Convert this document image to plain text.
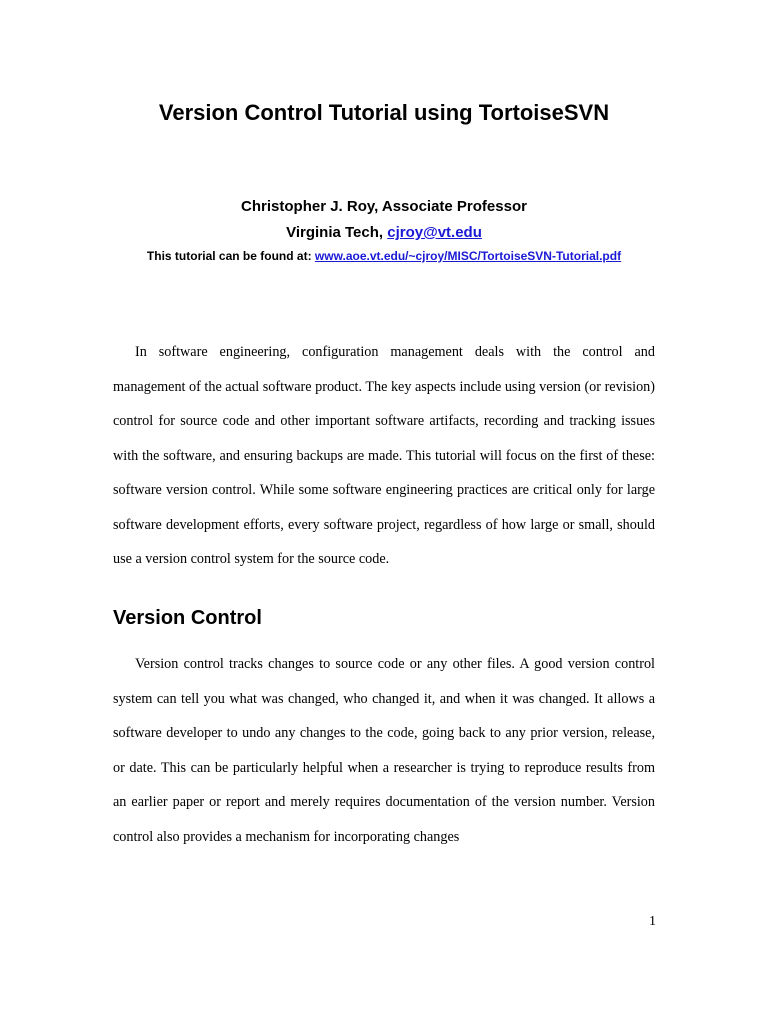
Version Control Tutorial using TortoiseSVN

Christopher J. Roy, Associate Professor

Virginia Tech, cjroy@vt.edu

This tutorial can be found at: www.aoe.vt.edu/~cjroy/MISC/TortoiseSVN-Tutorial.pdf

In software engineering, configuration management deals with the control and management of the actual software product. The key aspects include using version (or revision) control for source code and other important software artifacts, recording and tracking issues with the software, and ensuring backups are made. This tutorial will focus on the first of these: software version control. While some software engineering practices are critical only for large software development efforts, every software project, regardless of how large or small, should use a version control system for the source code.

Version Control

Version control tracks changes to source code or any other files. A good version control system can tell you what was changed, who changed it, and when it was changed. It allows a software developer to undo any changes to the code, going back to any prior version, release, or date. This can be particularly helpful when a researcher is trying to reproduce results from an earlier paper or report and merely requires documentation of the version number. Version control also provides a mechanism for incorporating changes

1
